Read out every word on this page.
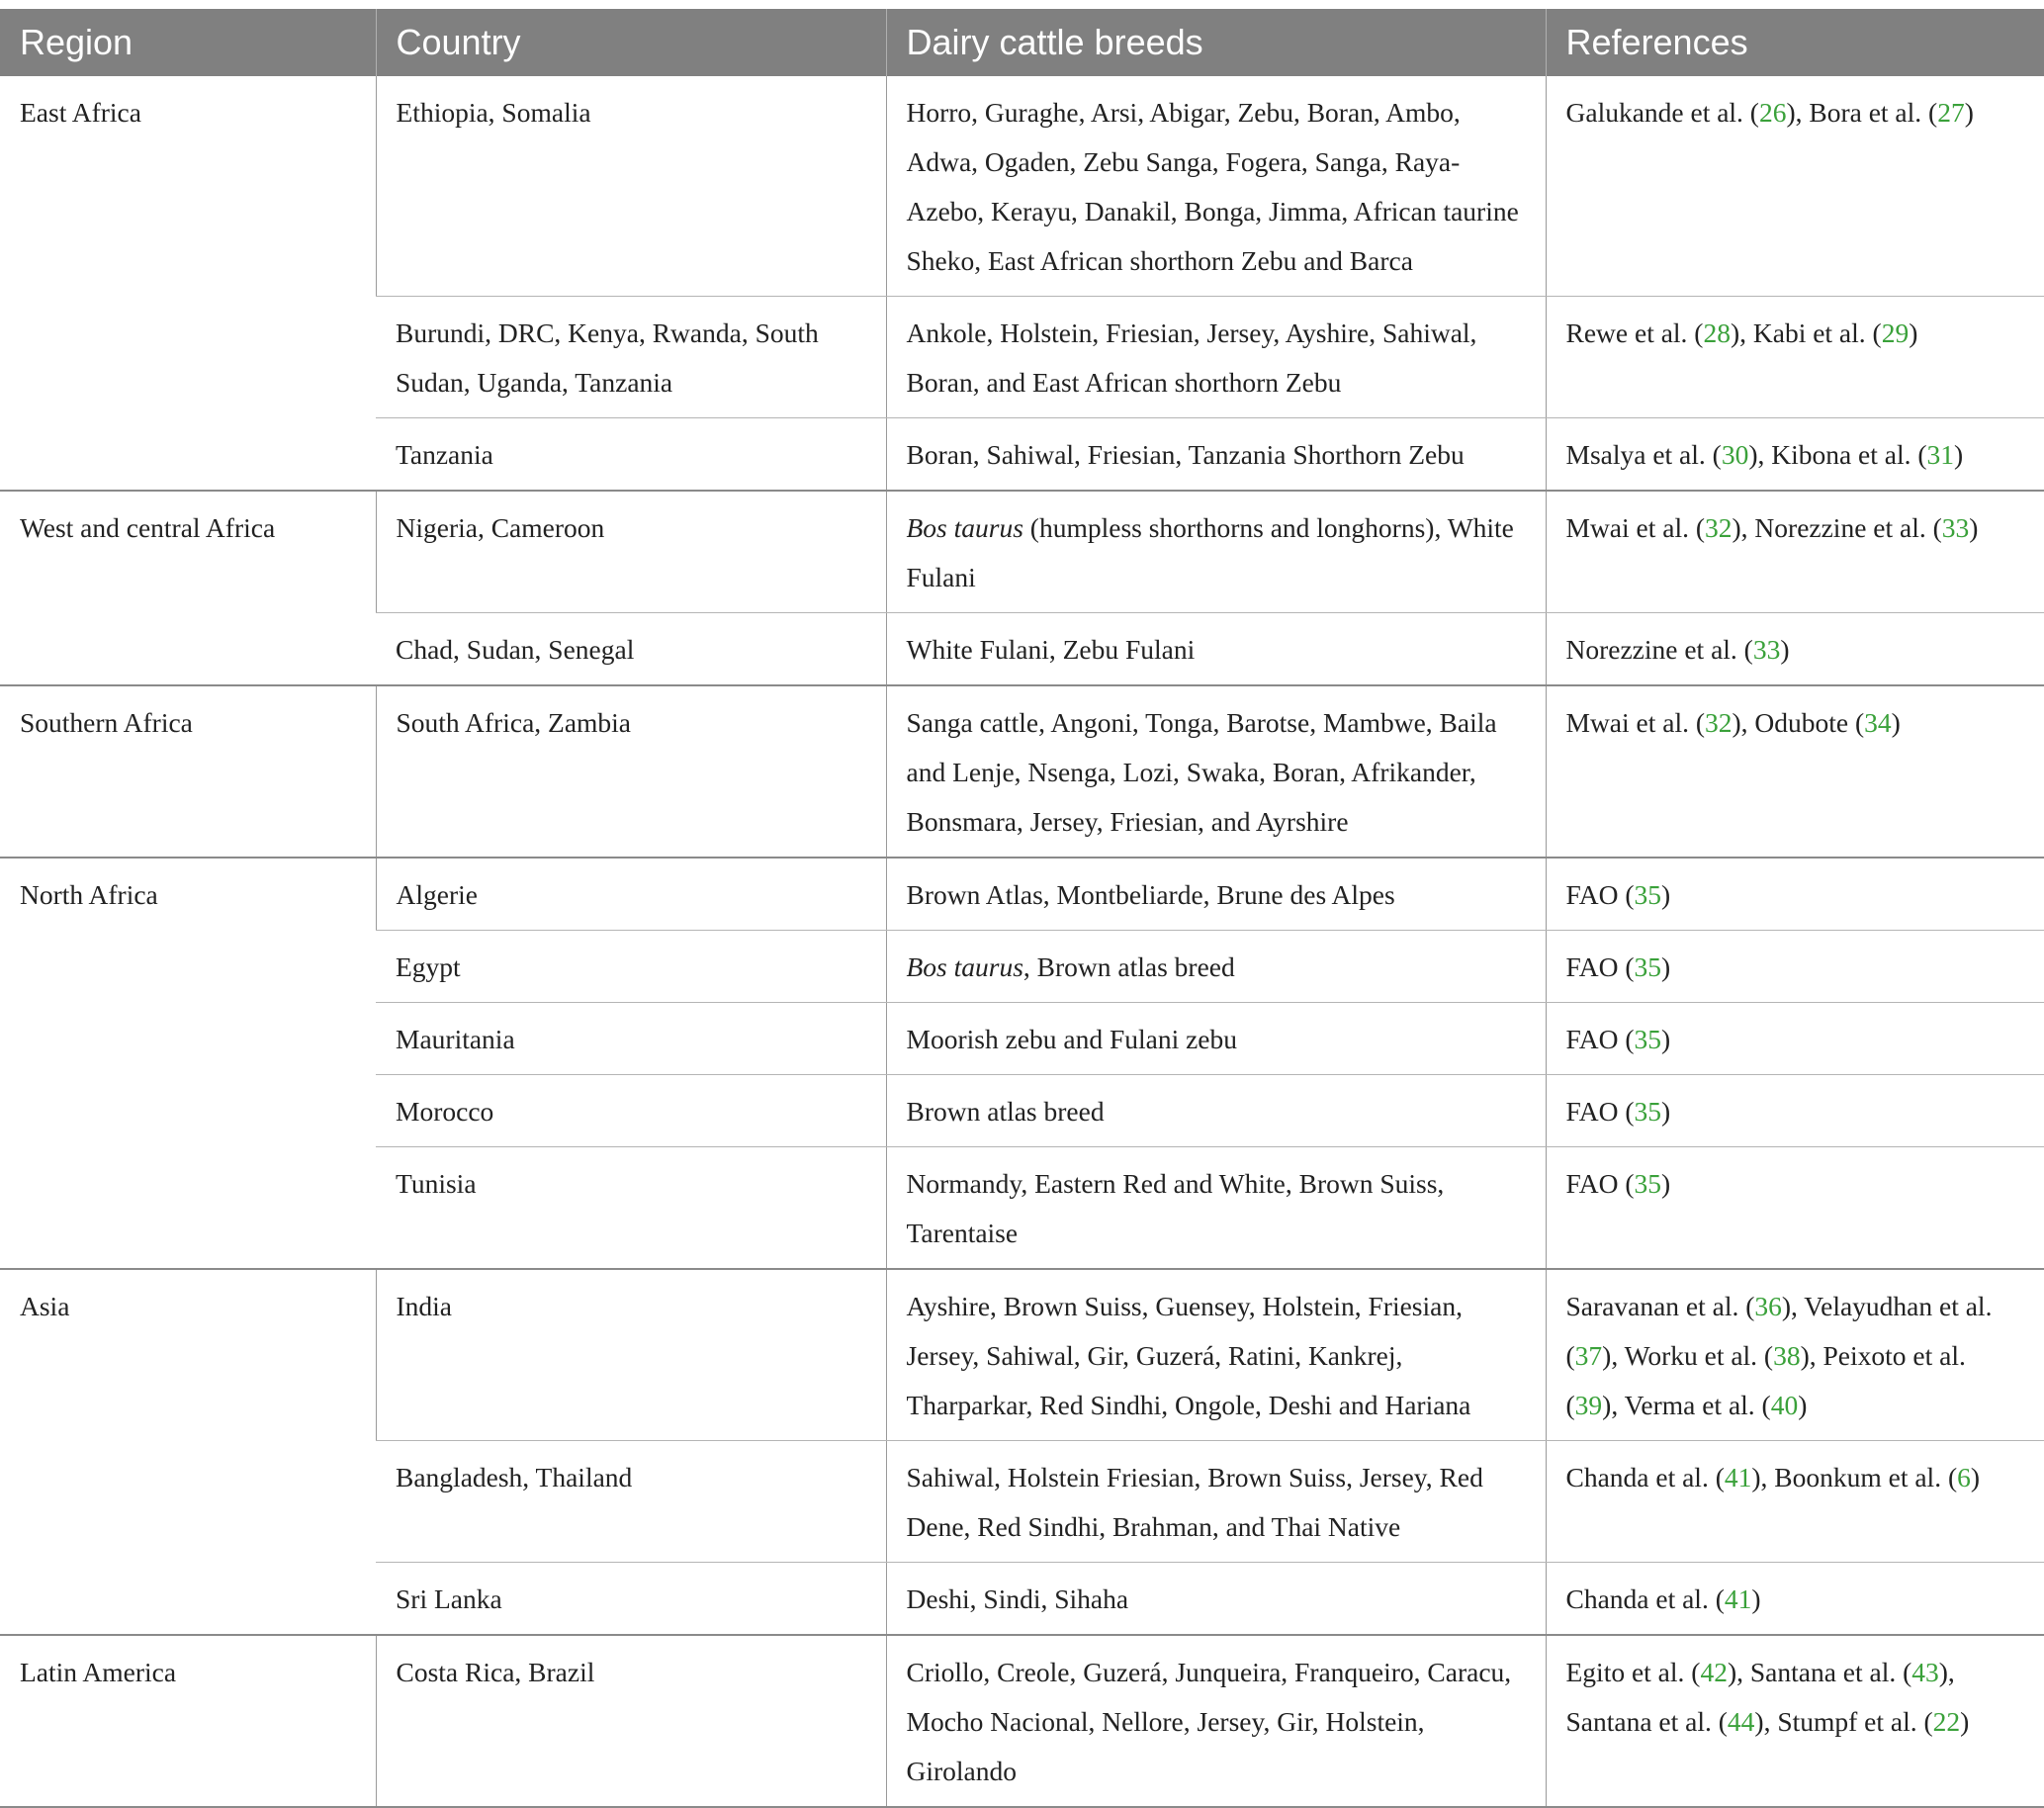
Region	Country	Dairy cattle breeds	References
East Africa	Ethiopia, Somalia	Horro, Guraghe, Arsi, Abigar, Zebu, Boran, Ambo, Adwa, Ogaden, Zebu Sanga, Fogera, Sanga, Raya-Azebo, Kerayu, Danakil, Bonga, Jimma, African taurine Sheko, East African shorthorn Zebu and Barca	Galukande et al. (26), Bora et al. (27)
	Burundi, DRC, Kenya, Rwanda, South Sudan, Uganda, Tanzania	Ankole, Holstein, Friesian, Jersey, Ayshire, Sahiwal, Boran, and East African shorthorn Zebu	Rewe et al. (28), Kabi et al. (29)
	Tanzania	Boran, Sahiwal, Friesian, Tanzania Shorthorn Zebu	Msalya et al. (30), Kibona et al. (31)
West and central Africa	Nigeria, Cameroon	Bos taurus (humpless shorthorns and longhorns), White Fulani	Mwai et al. (32), Norezzine et al. (33)
	Chad, Sudan, Senegal	White Fulani, Zebu Fulani	Norezzine et al. (33)
Southern Africa	South Africa, Zambia	Sanga cattle, Angoni, Tonga, Barotse, Mambwe, Baila and Lenje, Nsenga, Lozi, Swaka, Boran, Afrikander, Bonsmara, Jersey, Friesian, and Ayrshire	Mwai et al. (32), Odubote (34)
North Africa	Algerie	Brown Atlas, Montbeliarde, Brune des Alpes	FAO (35)
	Egypt	Bos taurus, Brown atlas breed	FAO (35)
	Mauritania	Moorish zebu and Fulani zebu	FAO (35)
	Morocco	Brown atlas breed	FAO (35)
	Tunisia	Normandy, Eastern Red and White, Brown Suiss, Tarentaise	FAO (35)
Asia	India	Ayshire, Brown Suiss, Guensey, Holstein, Friesian, Jersey, Sahiwal, Gir, Guzerá, Ratini, Kankrej, Tharparkar, Red Sindhi, Ongole, Deshi and Hariana	Saravanan et al. (36), Velayudhan et al. (37), Worku et al. (38), Peixoto et al. (39), Verma et al. (40)
	Bangladesh, Thailand	Sahiwal, Holstein Friesian, Brown Suiss, Jersey, Red Dene, Red Sindhi, Brahman, and Thai Native	Chanda et al. (41), Boonkum et al. (6)
	Sri Lanka	Deshi, Sindi, Sihaha	Chanda et al. (41)
Latin America	Costa Rica, Brazil	Criollo, Creole, Guzerá, Junqueira, Franqueiro, Caracu, Mocho Nacional, Nellore, Jersey, Gir, Holstein, Girolando	Egito et al. (42), Santana et al. (43), Santana et al. (44), Stumpf et al. (22)
